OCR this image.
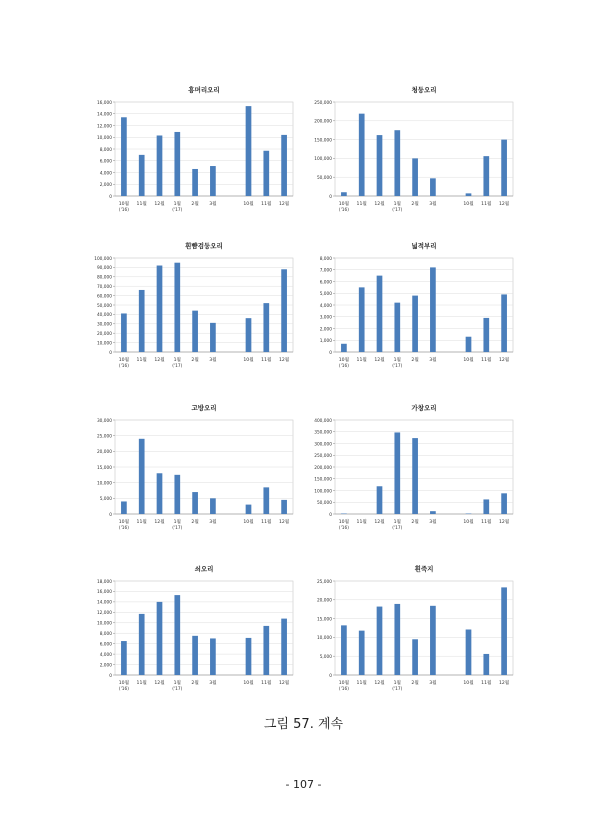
흥머리오리
0
2,000
4,000
6,000
8,000
10,000
12,000
14,000
16,000
10월
('16)
11월 12월 1월
('17)
2월 3월	10월 11월 12월
청둥오리
0
50,000
100,000
150,000
200,000
250,000
10월
('16)
11월 12월 1월
('17)
2월 3월	10월 11월 12월
흰뺨검둥오리
0
10,000
20,000
30,000
40,000
50,000
60,000
70,000
80,000
90,000
100,000
10월
('16)
11월 12월 1월
('17)
2월 3월	10월 11월 12월
넓적부리
0
1,000
2,000
3,000
4,000
5,000
6,000
7,000
8,000
10월
('16)
11월 12월 1월
('17)
2월 3월	10월 11월 12월
고방오리
0
5,000
10,000
15,000
20,000
25,000
30,000
10월
('16)
11월 12월 1월
('17)
2월 3월	10월 11월 12월
가창오리
0
50,000
100,000
150,000
200,000
250,000
300,000
350,000
400,000
10월
('16)
11월 12월 1월
('17)
2월 3월	10월 11월 12월
쇠오리
0
2,000
4,000
6,000
8,000
10,000
12,000
14,000
16,000
18,000
10월
('16)
11월 12월 1월
('17)
2월 3월	10월 11월 12월
흰죽지
0
5,000
10,000
15,000
20,000
25,000
10월
('16)
11월 12월 1월
('17)
2월 3월	10월 11월 12월
그림 57. 계속
- 107 -
